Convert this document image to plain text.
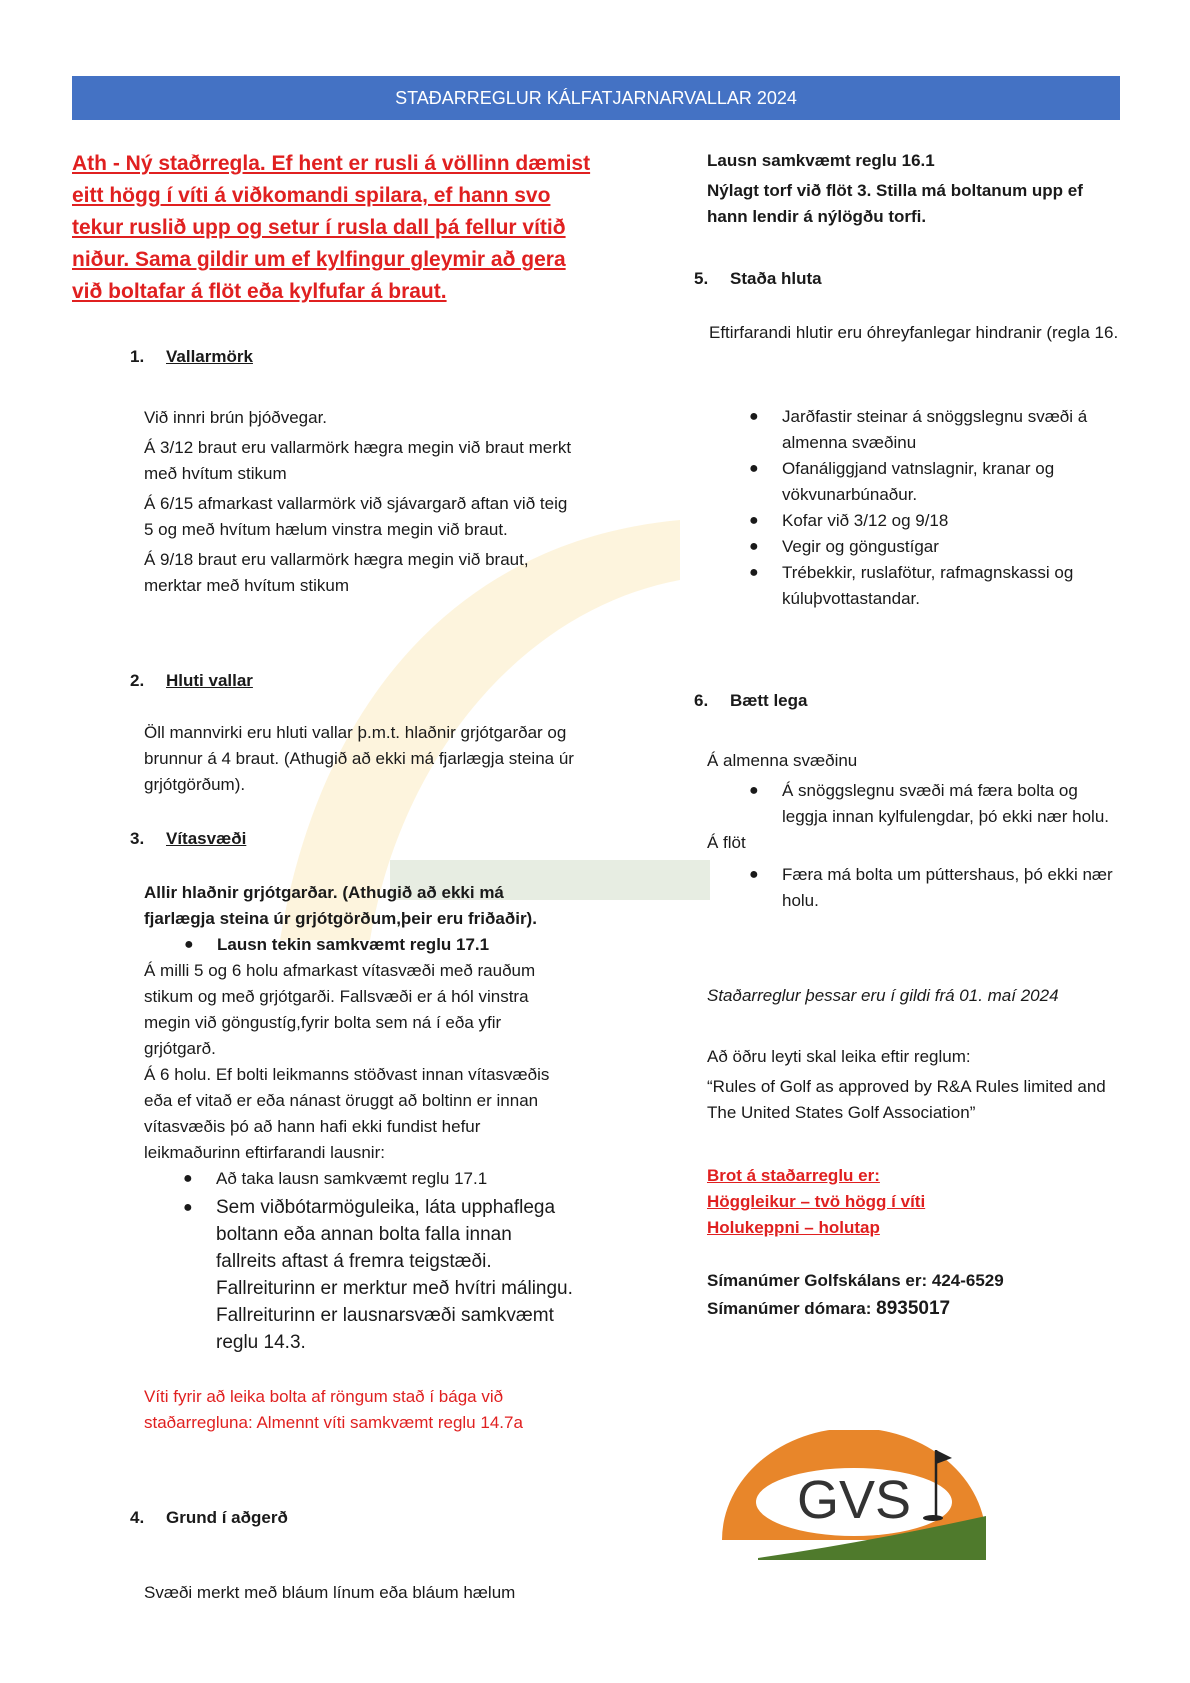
STAÐARREGLUR KÁLFATJARNARVALLAR 2024
Ath - Ný staðrregla. Ef hent er rusli á völlinn dæmist eitt högg í víti á viðkomandi spilara, ef hann svo tekur ruslið upp og setur í rusla dall þá fellur vítið niður. Sama gildir um ef kylfingur gleymir að gera við boltafar á flöt eða kylfufar á braut.
1. Vallarmörk

Við innri brún þjóðvegar.

Á 3/12 braut eru vallarmörk hægra megin við braut merkt með hvítum stikum

Á 6/15 afmarkast vallarmörk við sjávargarð aftan við teig 5 og með hvítum hælum vinstra megin við braut.

Á 9/18 braut eru vallarmörk hægra megin við braut, merktar með hvítum stikum

2. Hluti vallar

Öll mannvirki eru hluti vallar þ.m.t. hlaðnir grjótgarðar og brunnur á 4 braut. (Athugið að ekki má fjarlægja steina úr grjótgörðum).

3. Vítasvæði

Allir hlaðnir grjótgarðar. (Athugið að ekki má fjarlægja steina úr grjótgörðum,þeir eru friðaðir).

● Lausn tekin samkvæmt reglu 17.1

Á milli 5 og 6 holu afmarkast vítasvæði með rauðum stikum og með grjótgarði. Fallsvæði er á hól vinstra megin við göngustíg,fyrir bolta sem ná í eða yfir grjótgarð.

Á 6 holu. Ef bolti leikmanns stöðvast innan vítasvæðis eða ef vitað er eða nánast öruggt að boltinn er innan vítasvæðis þó að hann hafi ekki fundist hefur leikmaðurinn eftirfarandi lausnir:

● Að taka lausn samkvæmt reglu 17.1
● Sem viðbótarmöguleika, láta upphaflega boltann eða annan bolta falla innan fallreits aftast á fremra teigstæði. Fallreiturinn er merktur með hvítri málingu. Fallreiturinn er lausnarsvæði samkvæmt reglu 14.3.

Víti fyrir að leika bolta af röngum stað í bága við staðarregluna: Almennt víti samkvæmt reglu 14.7a

4. Grund í aðgerð

Svæði merkt með bláum línum eða bláum hælum

Lausn samkvæmt reglu 16.1

Nýlagt torf við flöt 3. Stilla má boltanum upp ef hann lendir á nýlögðu torfi.

5. Staða hluta

Eftirfarandi hlutir eru óhreyfanlegar hindranir (regla 16.

● Jarðfastir steinar á snöggslegnu svæði á almenna svæðinu
● Ofanáliggjand vatnslagnir, kranar og vökvunarbúnaður.
● Kofar við 3/12 og 9/18
● Vegir og göngustígar
● Trébekkir, ruslafötur, rafmagnskassi og kúluþvottastandar.
6. Bætt lega

Á almenna svæðinu

● Á snöggslegnu svæði má færa bolta og leggja innan kylfulengdar, þó ekki nær holu.

Á flöt

● Færa má bolta um púttershaus, þó ekki nær holu.
Staðarreglur þessar eru í gildi frá 01. maí 2024

Að öðru leyti skal leika eftir reglum:

“Rules of Golf as approved by R&A Rules limited and The United States Golf Association”

Brot á staðarreglu er:

Höggleikur – tvö högg í víti

Holukeppni – holutap

Símanúmer Golfskálans er: 424-6529

Símanúmer dómara: 8935017

GVS
